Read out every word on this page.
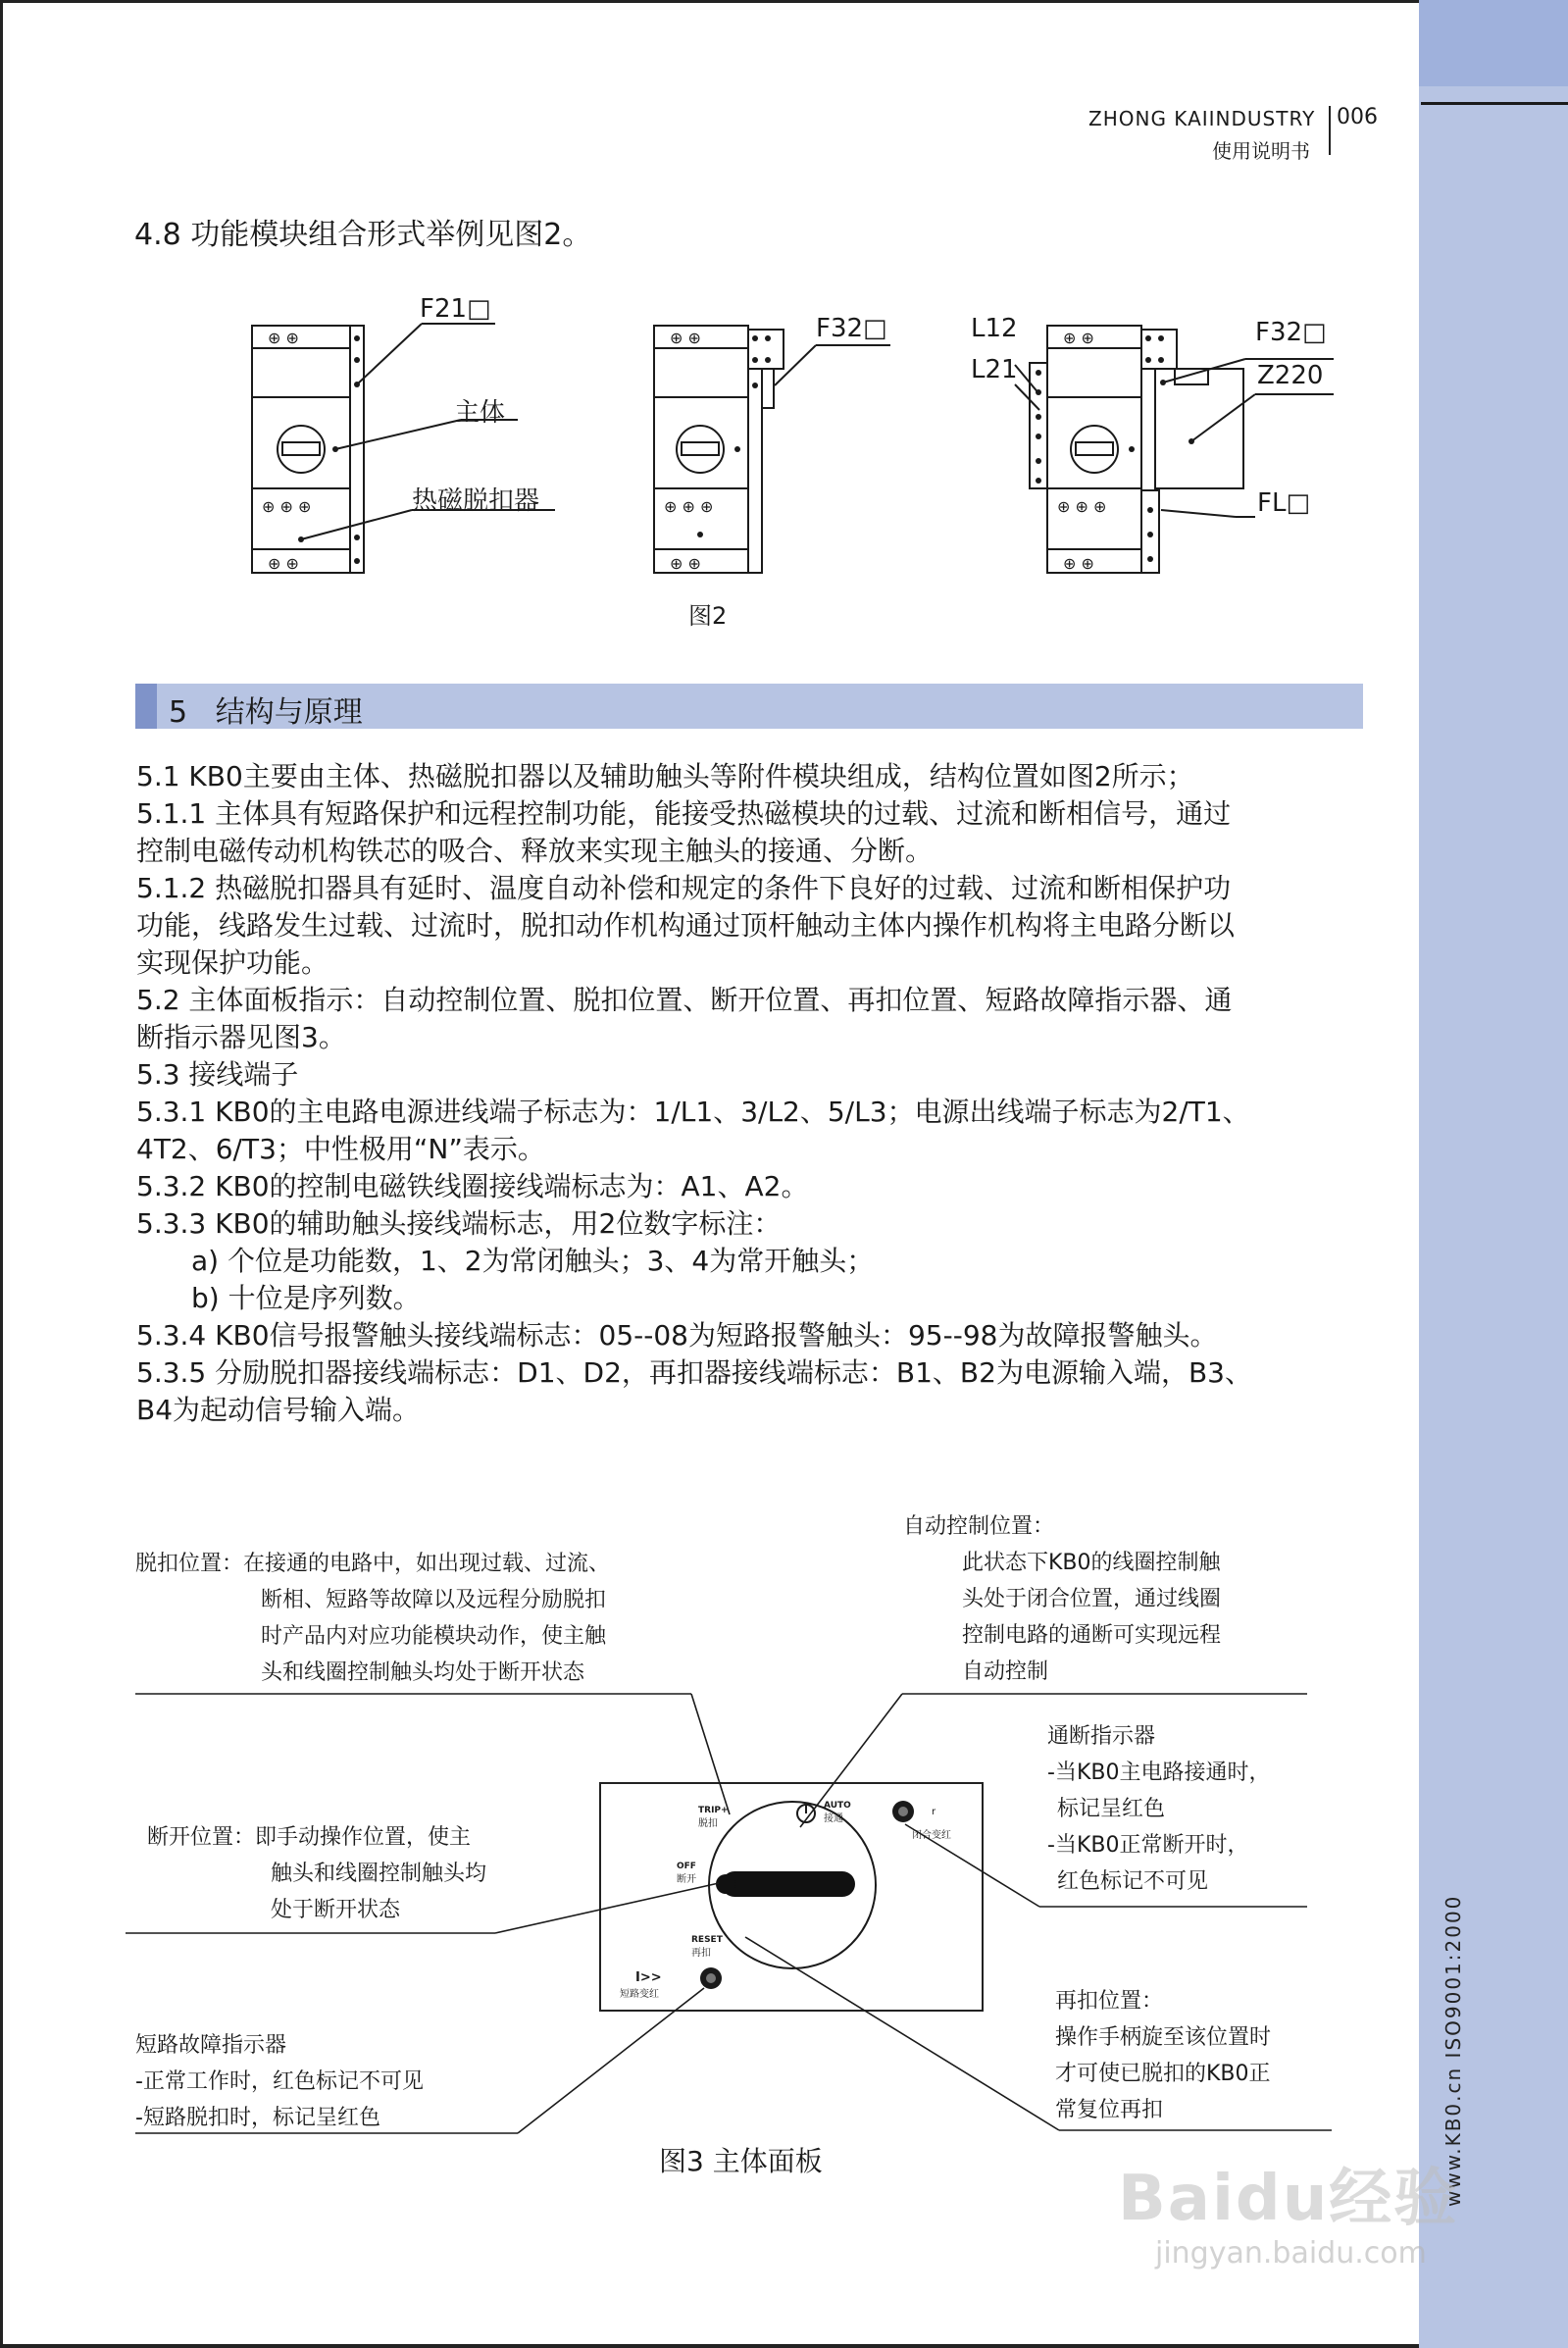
www.KB0.cn ISO9001:2000
ZHONG KAIINDUSTRY 006
使用说明书
4.8 功能模块组合形式举例见图2。
⊕ ⊕
⊕ ⊕ ⊕
⊕ ⊕
⊕ ⊕
⊕ ⊕ ⊕
⊕ ⊕
⊕ ⊕
⊕ ⊕ ⊕
⊕ ⊕
F21□
主体
热磁脱扣器
F32□	L12
L21
F32□
Z220
FL□
图2
5 结构与原理
5.1 KB0主要由主体、热磁脱扣器以及辅助触头等附件模块组成，结构位置如图2所示；
5.1.1 主体具有短路保护和远程控制功能，能接受热磁模块的过载、过流和断相信号，通过
控制电磁传动机构铁芯的吸合、释放来实现主触头的接通、分断。
5.1.2 热磁脱扣器具有延时、温度自动补偿和规定的条件下良好的过载、过流和断相保护功
功能，线路发生过载、过流时，脱扣动作机构通过顶杆触动主体内操作机构将主电路分断以
实现保护功能。
5.2 主体面板指示：自动控制位置、脱扣位置、断开位置、再扣位置、短路故障指示器、通
断指示器见图3。
5.3 接线端子
5.3.1 KB0的主电路电源进线端子标志为：1/L1、3/L2、5/L3；电源出线端子标志为2/T1、
4T2、6/T3；中性极用“N”表示。
5.3.2 KB0的控制电磁铁线圈接线端标志为：A1、A2。
5.3.3 KB0的辅助触头接线端标志，用2位数字标注：
a) 个位是功能数，1、2为常闭触头；3、4为常开触头；
b) 十位是序列数。
5.3.4 KB0信号报警触头接线端标志：05--08为短路报警触头：95--98为故障报警触头。
5.3.5 分励脱扣器接线端标志：D1、D2，再扣器接线端标志：B1、B2为电源输入端，B3、
B4为起动信号输入端。
TRIP+
脱扣
AUTO
接通
OFF
断开
RESET
再扣
I>>
短路变红
r
闭合变红
脱扣位置：在接通的电路中，如出现过载、过流、
断相、短路等故障以及远程分励脱扣
时产品内对应功能模块动作，使主触
头和线圈控制触头均处于断开状态
自动控制位置：
此状态下KB0的线圈控制触
头处于闭合位置，通过线圈
控制电路的通断可实现远程
自动控制
通断指示器
-当KB0主电路接通时，
标记呈红色
-当KB0正常断开时，
红色标记不可见
断开位置：即手动操作位置，使主
触头和线圈控制触头均
处于断开状态
再扣位置：
操作手柄旋至该位置时
才可使已脱扣的KB0正
常复位再扣
短路故障指示器
-正常工作时，红色标记不可见
-短路脱扣时，标记呈红色
图3 主体面板
Baidu经验
jingyan.baidu.com
